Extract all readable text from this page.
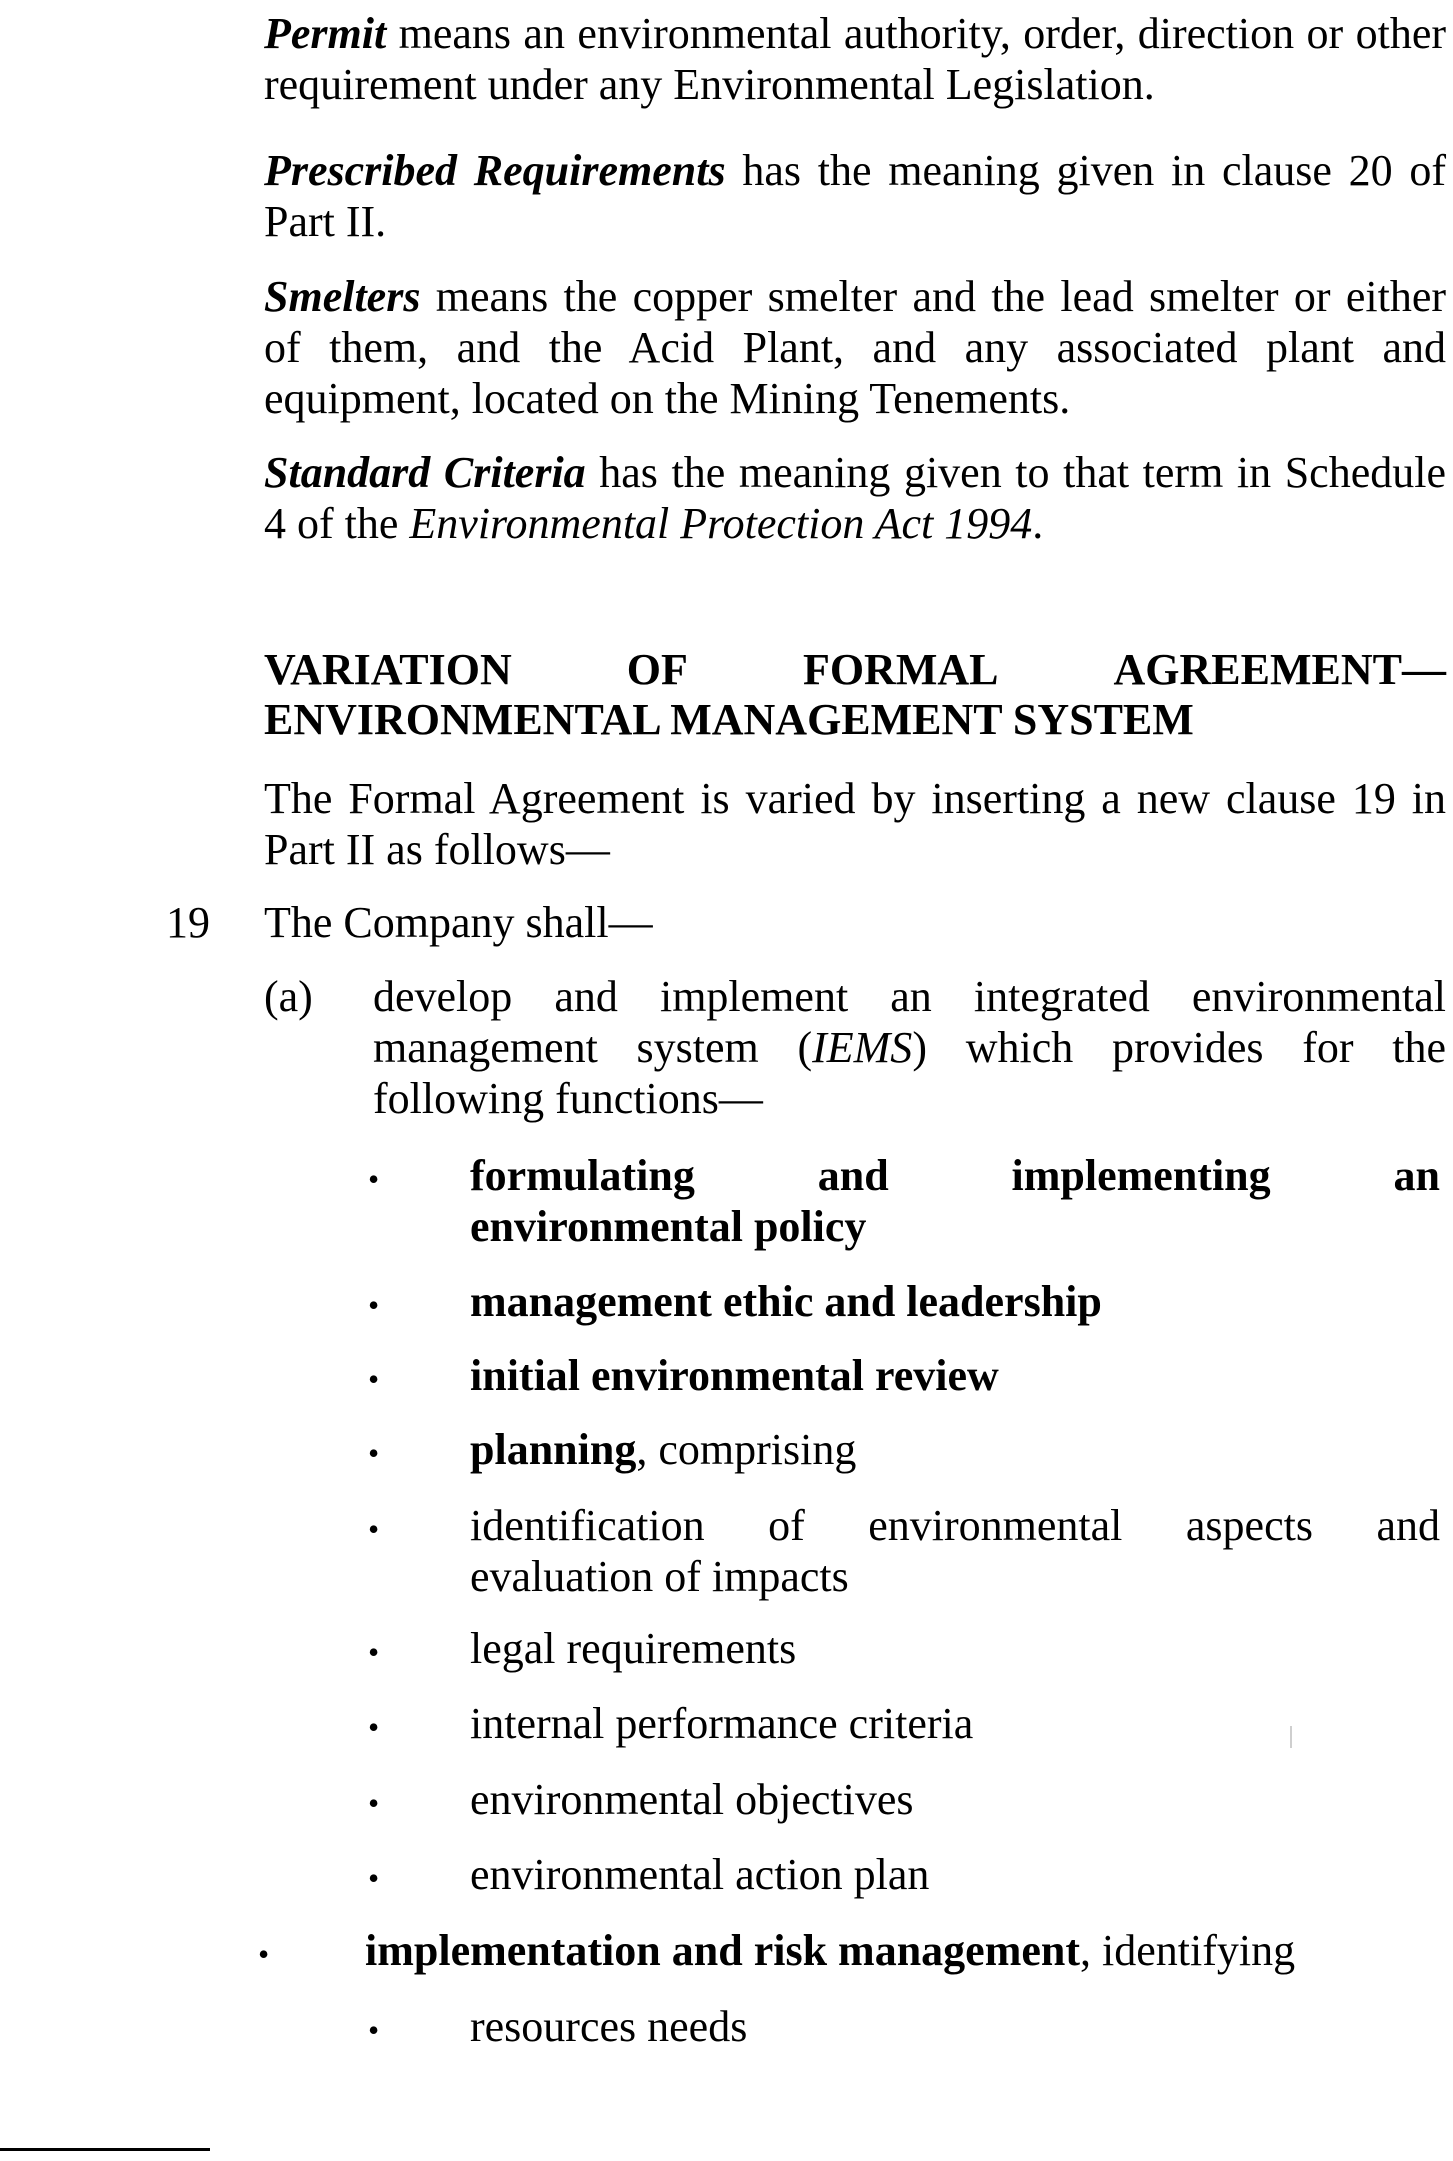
Permit means an environmental authority, order, direction or other requirement under any Environmental Legislation.

Prescribed Requirements has the meaning given in clause 20 of Part II.

Smelters means the copper smelter and the lead smelter or either of them, and the Acid Plant, and any associated plant and equipment, located on the Mining Tenements.

Standard Criteria has the meaning given to that term in Schedule 4 of the Environmental Protection Act 1994.

VARIATION	OF	FORMAL	AGREEMENT—
ENVIRONMENTAL MANAGEMENT SYSTEM

The Formal Agreement is varied by inserting a new clause 19 in Part II as follows—

19 The Company shall—
(a) develop and implement an integrated environmental management system (IEMS) which provides for the following functions—
• formulating	and	implementing	an
environmental policy
• management ethic and leadership
• initial environmental review
• planning, comprising
• identification of environmental aspects and
evaluation of impacts
• legal requirements
• internal performance criteria
• environmental objectives
• environmental action plan
• implementation and risk management, identifying
• resources needs
